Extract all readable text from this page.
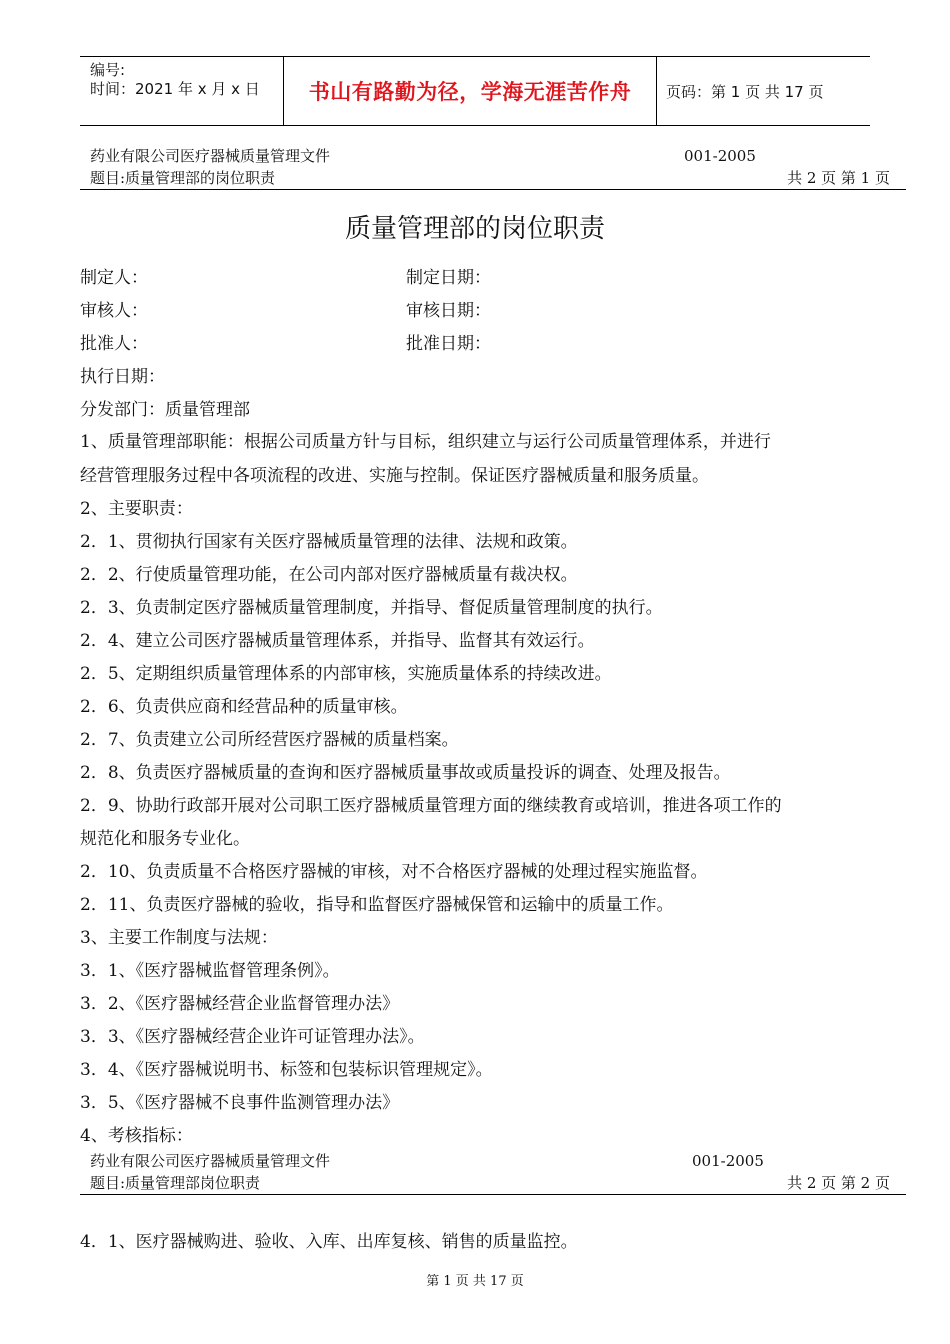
编号:
时间：2021 年 x 月 x 日	书山有路勤为径，学海无涯苦作舟	页码：第 1 页 共 17 页
药业有限公司医疗器械质量管理文件	001-2005
题目:质量管理部的岗位职责	共 2 页 第 1 页
质量管理部的岗位职责
制定人：	制定日期：
审核人：	审核日期：
批准人：	批准日期：
执行日期：
分发部门：质量管理部
1、质量管理部职能：根据公司质量方针与目标，组织建立与运行公司质量管理体系，并进行
经营管理服务过程中各项流程的改进、实施与控制。保证医疗器械质量和服务质量。
2、主要职责：
2．1、贯彻执行国家有关医疗器械质量管理的法律、法规和政策。
2．2、行使质量管理功能，在公司内部对医疗器械质量有裁决权。
2．3、负责制定医疗器械质量管理制度，并指导、督促质量管理制度的执行。
2．4、建立公司医疗器械质量管理体系，并指导、监督其有效运行。
2．5、定期组织质量管理体系的内部审核，实施质量体系的持续改进。
2．6、负责供应商和经营品种的质量审核。
2．7、负责建立公司所经营医疗器械的质量档案。
2．8、负责医疗器械质量的查询和医疗器械质量事故或质量投诉的调查、处理及报告。
2．9、协助行政部开展对公司职工医疗器械质量管理方面的继续教育或培训，推进各项工作的
规范化和服务专业化。
2．10、负责质量不合格医疗器械的审核，对不合格医疗器械的处理过程实施监督。
2．11、负责医疗器械的验收，指导和监督医疗器械保管和运输中的质量工作。
3、主要工作制度与法规：
3．1、《医疗器械监督管理条例》。
3．2、《医疗器械经营企业监督管理办法》
3．3、《医疗器械经营企业许可证管理办法》。
3．4、《医疗器械说明书、标签和包装标识管理规定》。
3．5、《医疗器械不良事件监测管理办法》
4、考核指标：
药业有限公司医疗器械质量管理文件	001-2005
题目:质量管理部岗位职责	共 2 页 第 2 页
4．1、医疗器械购进、验收、入库、出库复核、销售的质量监控。
第 1 页 共 17 页
